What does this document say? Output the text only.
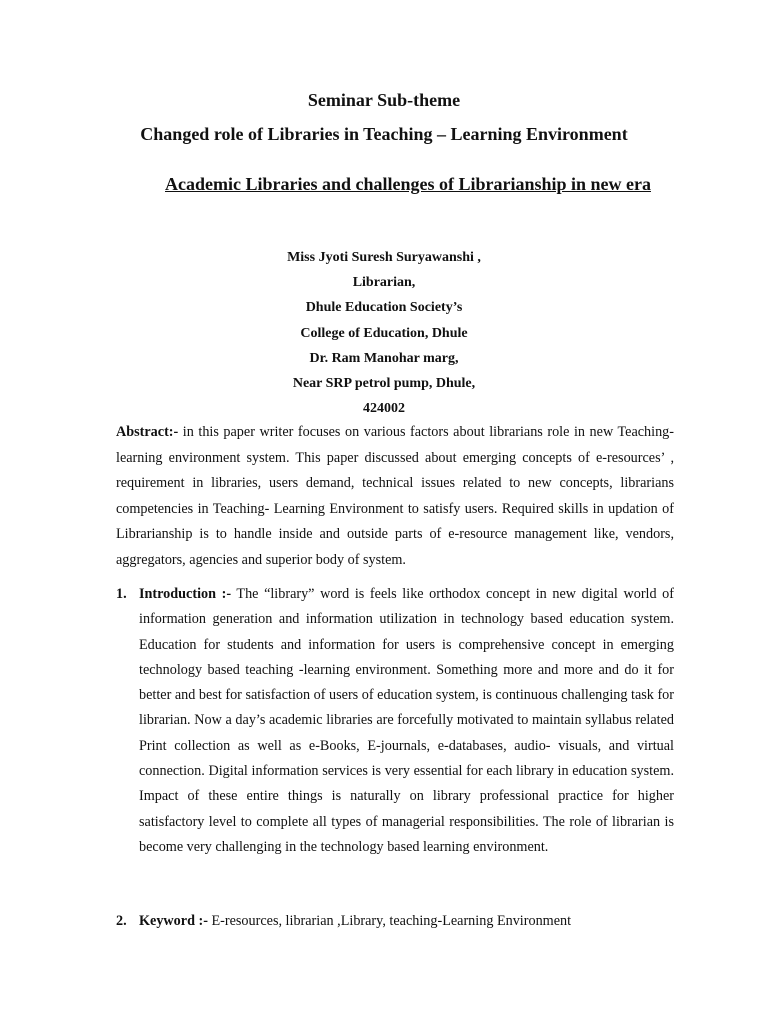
Seminar Sub-theme
Changed role of Libraries in Teaching – Learning Environment
Academic Libraries and challenges of Librarianship in new era
Miss Jyoti Suresh Suryawanshi ,
Librarian,
Dhule Education Society’s
College of Education, Dhule
Dr. Ram Manohar marg,
Near SRP petrol pump, Dhule,
424002

Abstract:- in this paper writer focuses on various factors about librarians role in new Teaching- learning environment system. This paper discussed about emerging concepts of e-resources’ , requirement in libraries, users demand, technical issues related to new concepts, librarians competencies in Teaching- Learning Environment to satisfy users. Required skills in updation of Librarianship is to handle inside and outside parts of e-resource management like, vendors, aggregators, agencies and superior body of system.

1. Introduction :- The “library” word is feels like orthodox concept in new digital world of information generation and information utilization in technology based education system. Education for students and information for users is comprehensive concept in emerging technology based teaching -learning environment. Something more and more and do it for better and best for satisfaction of users of education system, is continuous challenging task for librarian. Now a day’s academic libraries are forcefully motivated to maintain syllabus related Print collection as well as e-Books, E-journals, e-databases, audio- visuals, and virtual connection. Digital information services is very essential for each library in education system. Impact of these entire things is naturally on library professional practice for higher satisfactory level to complete all types of managerial responsibilities. The role of librarian is become very challenging in the technology based learning environment.

2. Keyword :- E-resources, librarian ,Library, teaching-Learning Environment
